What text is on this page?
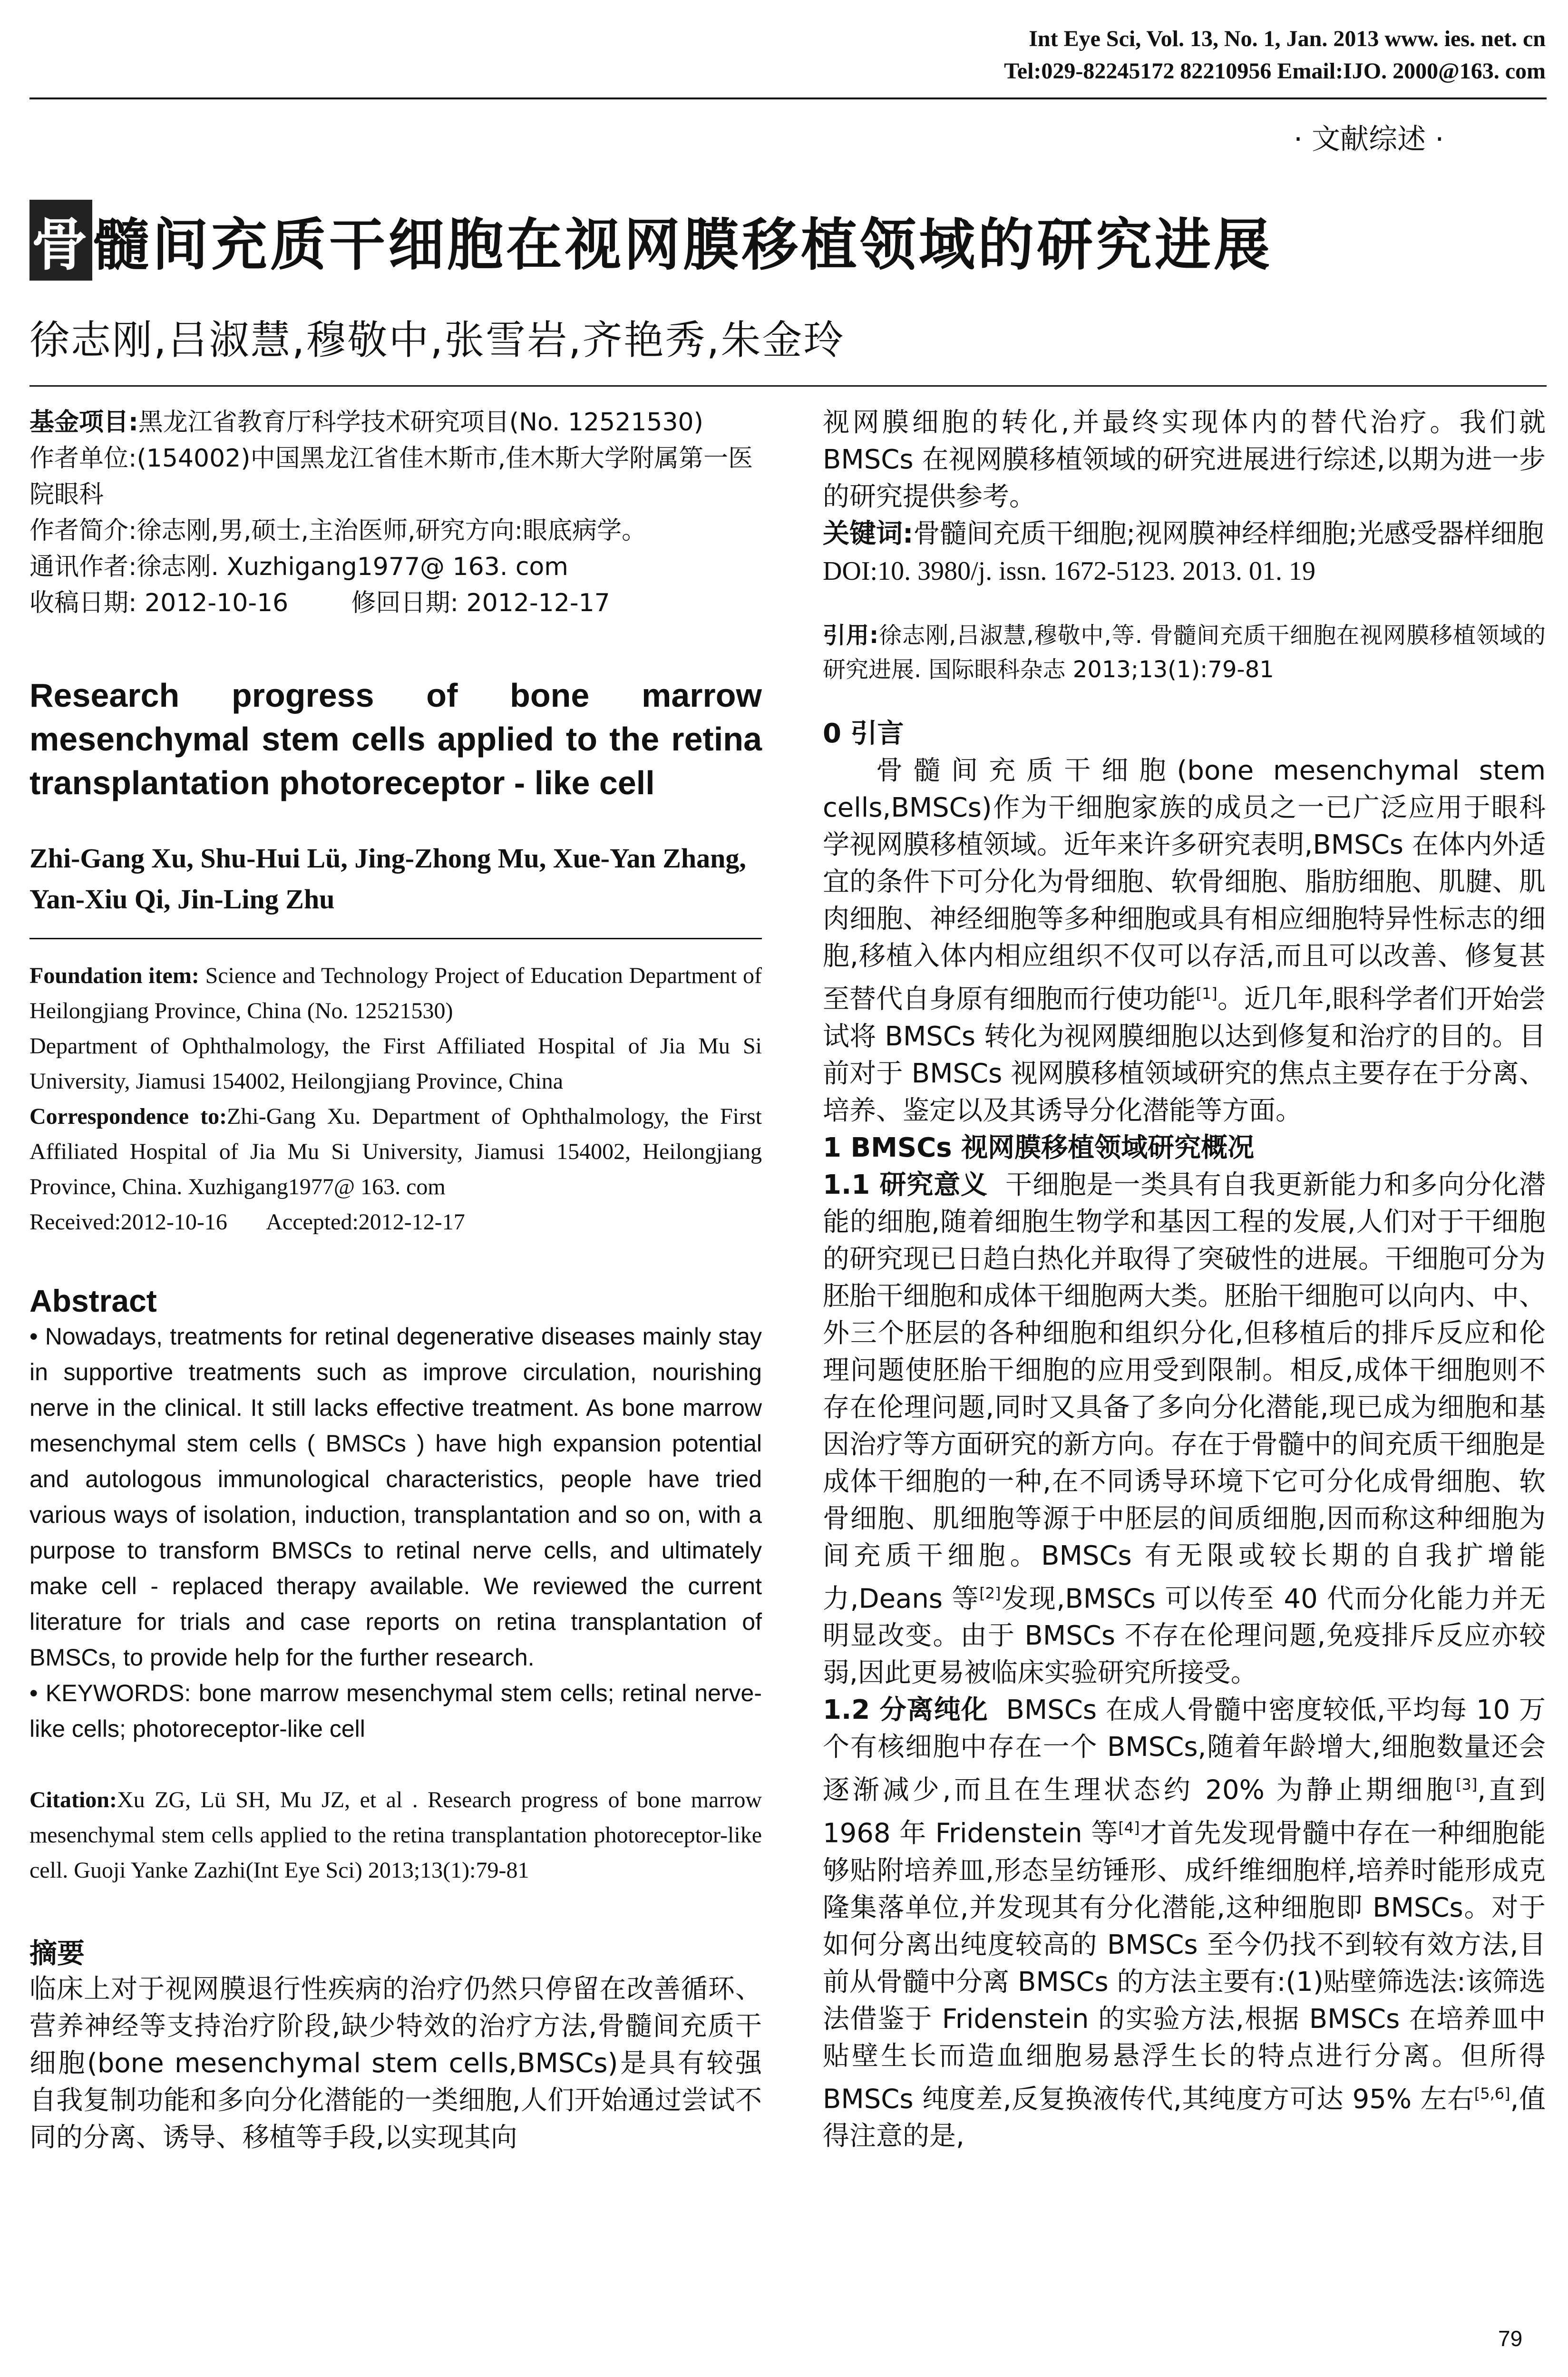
Int Eye Sci, Vol. 13, No. 1, Jan. 2013 www. ies. net. cn
Tel:029-82245172 82210956 Email:IJO. 2000@163. com
· 文献综述 ·
骨髓间充质干细胞在视网膜移植领域的研究进展
徐志刚,吕淑慧,穆敬中,张雪岩,齐艳秀,朱金玲

基金项目:黑龙江省教育厅科学技术研究项目(No. 12521530)

作者单位:(154002)中国黑龙江省佳木斯市,佳木斯大学附属第一医院眼科

作者简介:徐志刚,男,硕士,主治医师,研究方向:眼底病学。

通讯作者:徐志刚. Xuzhigang1977@ 163. com

收稿日期: 2012-10-16        修回日期: 2012-12-17

Research progress of bone marrow mesenchymal stem cells applied to the retina transplantation photoreceptor - like cell
Zhi-Gang Xu, Shu-Hui Lü, Jing-Zhong Mu, Xue-Yan Zhang, Yan-Xiu Qi, Jin-Ling Zhu

Foundation item: Science and Technology Project of Education Department of Heilongjiang Province, China (No. 12521530)

Department of Ophthalmology, the First Affiliated Hospital of Jia Mu Si University, Jiamusi 154002, Heilongjiang Province, China

Correspondence to:Zhi-Gang Xu. Department of Ophthalmology, the First Affiliated Hospital of Jia Mu Si University, Jiamusi 154002, Heilongjiang Province, China. Xuzhigang1977@ 163. com

Received:2012-10-16       Accepted:2012-12-17

Abstract

• Nowadays, treatments for retinal degenerative diseases mainly stay in supportive treatments such as improve circulation, nourishing nerve in the clinical. It still lacks effective treatment. As bone marrow mesenchymal stem cells ( BMSCs ) have high expansion potential and autologous immunological characteristics, people have tried various ways of isolation, induction, transplantation and so on, with a purpose to transform BMSCs to retinal nerve cells, and ultimately make cell - replaced therapy available. We reviewed the current literature for trials and case reports on retina transplantation of BMSCs, to provide help for the further research.

• KEYWORDS: bone marrow mesenchymal stem cells; retinal nerve-like cells; photoreceptor-like cell

Citation:Xu ZG, Lü SH, Mu JZ, et al . Research progress of bone marrow mesenchymal stem cells applied to the retina transplantation photoreceptor-like cell. Guoji Yanke Zazhi(Int Eye Sci) 2013;13(1):79-81

摘要

临床上对于视网膜退行性疾病的治疗仍然只停留在改善循环、营养神经等支持治疗阶段,缺少特效的治疗方法,骨髓间充质干细胞(bone mesenchymal stem cells,BMSCs)是具有较强自我复制功能和多向分化潜能的一类细胞,人们开始通过尝试不同的分离、诱导、移植等手段,以实现其向

视网膜细胞的转化,并最终实现体内的替代治疗。我们就BMSCs 在视网膜移植领域的研究进展进行综述,以期为进一步的研究提供参考。

关键词:骨髓间充质干细胞;视网膜神经样细胞;光感受器样细胞

DOI:10. 3980/j. issn. 1672-5123. 2013. 01. 19

引用:徐志刚,吕淑慧,穆敬中,等. 骨髓间充质干细胞在视网膜移植领域的研究进展. 国际眼科杂志 2013;13(1):79-81

0 引言

骨髓间充质干细胞(bone mesenchymal stem cells,BMSCs)作为干细胞家族的成员之一已广泛应用于眼科学视网膜移植领域。近年来许多研究表明,BMSCs 在体内外适宜的条件下可分化为骨细胞、软骨细胞、脂肪细胞、肌腱、肌肉细胞、神经细胞等多种细胞或具有相应细胞特异性标志的细胞,移植入体内相应组织不仅可以存活,而且可以改善、修复甚至替代自身原有细胞而行使功能[1]。近几年,眼科学者们开始尝试将 BMSCs 转化为视网膜细胞以达到修复和治疗的目的。目前对于 BMSCs 视网膜移植领域研究的焦点主要存在于分离、培养、鉴定以及其诱导分化潜能等方面。

1 BMSCs 视网膜移植领域研究概况

1.1 研究意义 干细胞是一类具有自我更新能力和多向分化潜能的细胞,随着细胞生物学和基因工程的发展,人们对于干细胞的研究现已日趋白热化并取得了突破性的进展。干细胞可分为胚胎干细胞和成体干细胞两大类。胚胎干细胞可以向内、中、外三个胚层的各种细胞和组织分化,但移植后的排斥反应和伦理问题使胚胎干细胞的应用受到限制。相反,成体干细胞则不存在伦理问题,同时又具备了多向分化潜能,现已成为细胞和基因治疗等方面研究的新方向。存在于骨髓中的间充质干细胞是成体干细胞的一种,在不同诱导环境下它可分化成骨细胞、软骨细胞、肌细胞等源于中胚层的间质细胞,因而称这种细胞为间充质干细胞。BMSCs 有无限或较长期的自我扩增能力,Deans 等[2]发现,BMSCs 可以传至 40 代而分化能力并无明显改变。由于 BMSCs 不存在伦理问题,免疫排斥反应亦较弱,因此更易被临床实验研究所接受。

1.2 分离纯化 BMSCs 在成人骨髓中密度较低,平均每 10 万个有核细胞中存在一个 BMSCs,随着年龄增大,细胞数量还会逐渐减少,而且在生理状态约 20% 为静止期细胞[3],直到 1968 年 Fridenstein 等[4]才首先发现骨髓中存在一种细胞能够贴附培养皿,形态呈纺锤形、成纤维细胞样,培养时能形成克隆集落单位,并发现其有分化潜能,这种细胞即 BMSCs。对于如何分离出纯度较高的 BMSCs 至今仍找不到较有效方法,目前从骨髓中分离 BMSCs 的方法主要有:(1)贴壁筛选法:该筛选法借鉴于 Fridenstein 的实验方法,根据 BMSCs 在培养皿中贴壁生长而造血细胞易悬浮生长的特点进行分离。但所得 BMSCs 纯度差,反复换液传代,其纯度方可达 95% 左右[5,6],值得注意的是,

79
